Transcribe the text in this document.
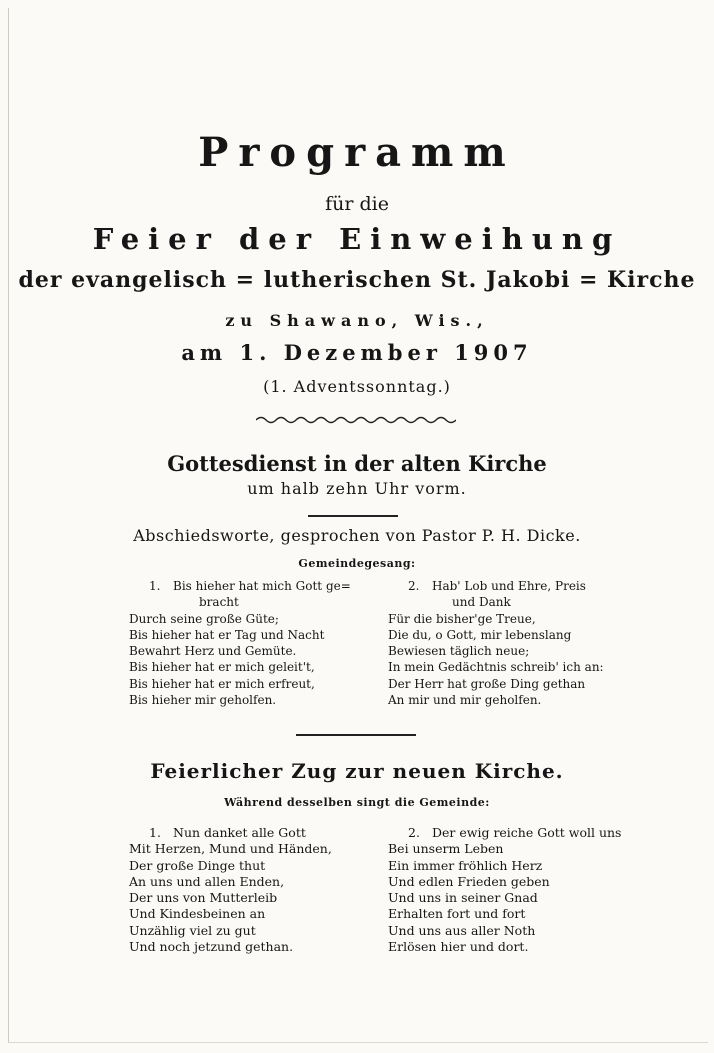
Programm
für die
Feier der Einweihung
der evangelisch = lutherischen St. Jakobi = Kirche
zu Shawano, Wis.,
am 1. Dezember 1907
(1. Adventssonntag.)
Gottesdienst in der alten Kirche
um halb zehn Uhr vorm.
Abschiedsworte, gesprochen von Pastor P. H. Dicke.
Gemeindegesang:
1. Bis hieher hat mich Gott ge=
bracht
Durch seine große Güte;
Bis hieher hat er Tag und Nacht
Bewahrt Herz und Gemüte.
Bis hieher hat er mich geleit't,
Bis hieher hat er mich erfreut,
Bis hieher mir geholfen.
2. Hab' Lob und Ehre, Preis
und Dank
Für die bisher'ge Treue,
Die du, o Gott, mir lebenslang
Bewiesen täglich neue;
In mein Gedächtnis schreib' ich an:
Der Herr hat große Ding gethan
An mir und mir geholfen.
Feierlicher Zug zur neuen Kirche.
Während desselben singt die Gemeinde:
1. Nun danket alle Gott
Mit Herzen, Mund und Händen,
Der große Dinge thut
An uns und allen Enden,
Der uns von Mutterleib
Und Kindesbeinen an
Unzählig viel zu gut
Und noch jetzund gethan.
2. Der ewig reiche Gott woll uns
Bei unserm Leben
Ein immer fröhlich Herz
Und edlen Frieden geben
Und uns in seiner Gnad
Erhalten fort und fort
Und uns aus aller Noth
Erlösen hier und dort.
